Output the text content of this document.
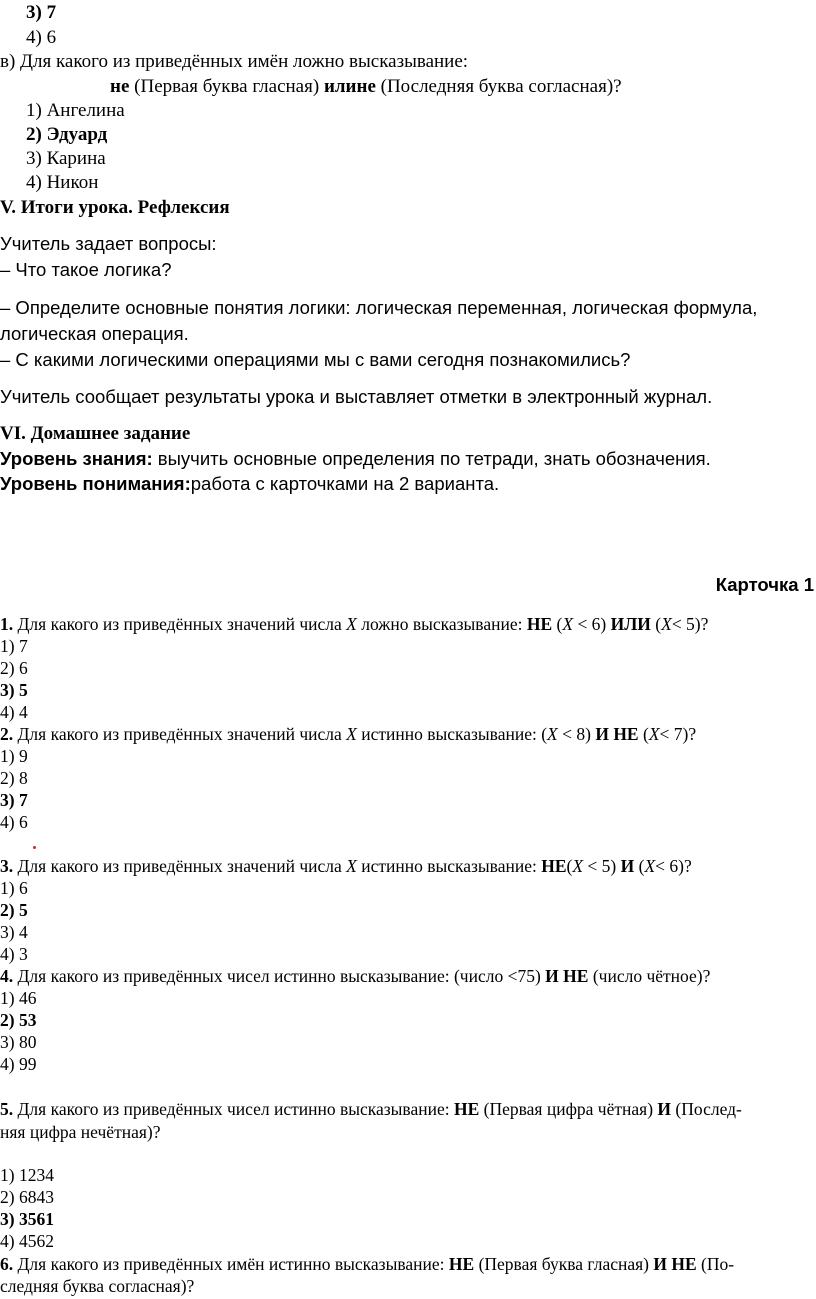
3) 7
4) 6
в) Для какого из приведённых имён ложно высказывание:
не (Первая буква гласная) илине (Последняя буква согласная)?
1) Ангелина
2) Эдуард
3) Карина
4) Никон
V. Итоги урока. Рефлексия
Учитель задает вопросы:
– Что такое логика?
– Определите основные понятия логики: логическая переменная, логическая формула,
логическая операция.
– С какими логическими операциями мы с вами сегодня познакомились?
Учитель сообщает результаты урока и выставляет отметки в электронный журнал.
VI. Домашнее задание
Уровень знания: выучить основные определения по тетради, знать обозначения.
Уровень понимания:работа с карточками на 2 варианта.
Карточка 1
1. Для какого из приведённых значений числа X ложно высказывание: НЕ (X < 6) ИЛИ (X< 5)?
1) 7
2) 6
3) 5
4) 4
2. Для какого из приведённых значений числа X истинно высказывание: (X < 8) И НЕ (X< 7)?
1) 9
2) 8
3) 7
4) 6
3. Для какого из приведённых значений числа X истинно высказывание: НЕ(X < 5) И (X< 6)?
1) 6
2) 5
3) 4
4) 3
4. Для какого из приведённых чисел истинно высказывание: (число <75) И НЕ (число чётное)?
1) 46
2) 53
3) 80
4) 99
5. Для какого из приведённых чисел истинно высказывание: НЕ (Первая цифра чётная) И (Послед-
няя цифра нечётная)?
1) 1234
2) 6843
3) 3561
4) 4562
6. Для какого из приведённых имён истинно высказывание: НЕ (Первая буква гласная) И НЕ (По-
следняя буква согласная)?
